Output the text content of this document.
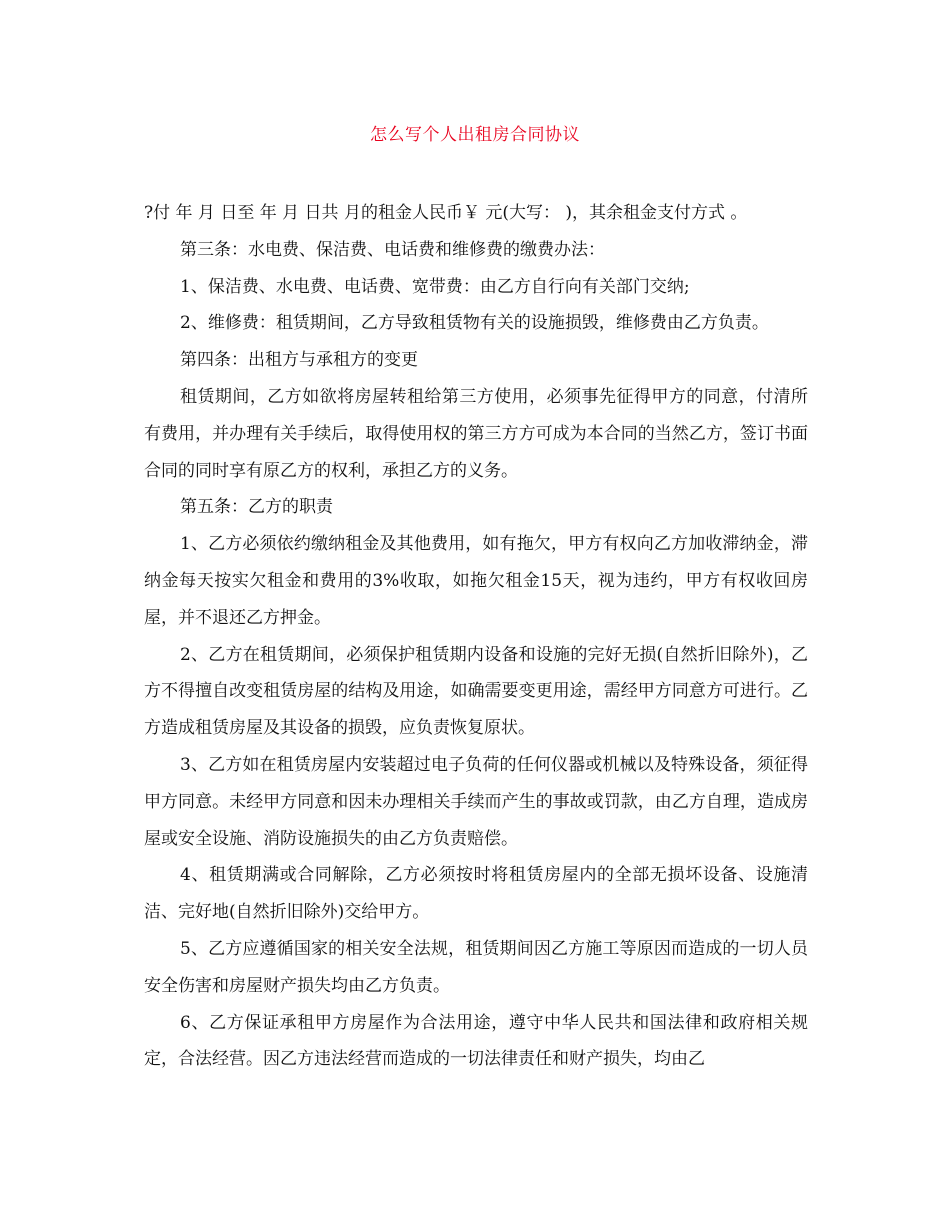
怎么写个人出租房合同协议

?付 年 月 日至 年 月 日共 月的租金人民币￥ 元(大写： )，其余租金支付方式 。

第三条：水电费、保洁费、电话费和维修费的缴费办法：

1、保洁费、水电费、电话费、宽带费：由乙方自行向有关部门交纳;

2、维修费：租赁期间，乙方导致租赁物有关的设施损毁，维修费由乙方负责。

第四条：出租方与承租方的变更

租赁期间，乙方如欲将房屋转租给第三方使用，必须事先征得甲方的同意，付清所有费用，并办理有关手续后，取得使用权的第三方方可成为本合同的当然乙方，签订书面合同的同时享有原乙方的权利，承担乙方的义务。

第五条：乙方的职责

1、乙方必须依约缴纳租金及其他费用，如有拖欠，甲方有权向乙方加收滞纳金，滞纳金每天按实欠租金和费用的3%收取，如拖欠租金15天，视为违约，甲方有权收回房屋，并不退还乙方押金。

2、乙方在租赁期间，必须保护租赁期内设备和设施的完好无损(自然折旧除外)，乙方不得擅自改变租赁房屋的结构及用途，如确需要变更用途，需经甲方同意方可进行。乙方造成租赁房屋及其设备的损毁，应负责恢复原状。

3、乙方如在租赁房屋内安装超过电子负荷的任何仪器或机械以及特殊设备，须征得甲方同意。未经甲方同意和因未办理相关手续而产生的事故或罚款，由乙方自理，造成房屋或安全设施、消防设施损失的由乙方负责赔偿。

4、租赁期满或合同解除，乙方必须按时将租赁房屋内的全部无损坏设备、设施清洁、完好地(自然折旧除外)交给甲方。

5、乙方应遵循国家的相关安全法规，租赁期间因乙方施工等原因而造成的一切人员安全伤害和房屋财产损失均由乙方负责。

6、乙方保证承租甲方房屋作为合法用途，遵守中华人民共和国法律和政府相关规定，合法经营。因乙方违法经营而造成的一切法律责任和财产损失，均由乙
